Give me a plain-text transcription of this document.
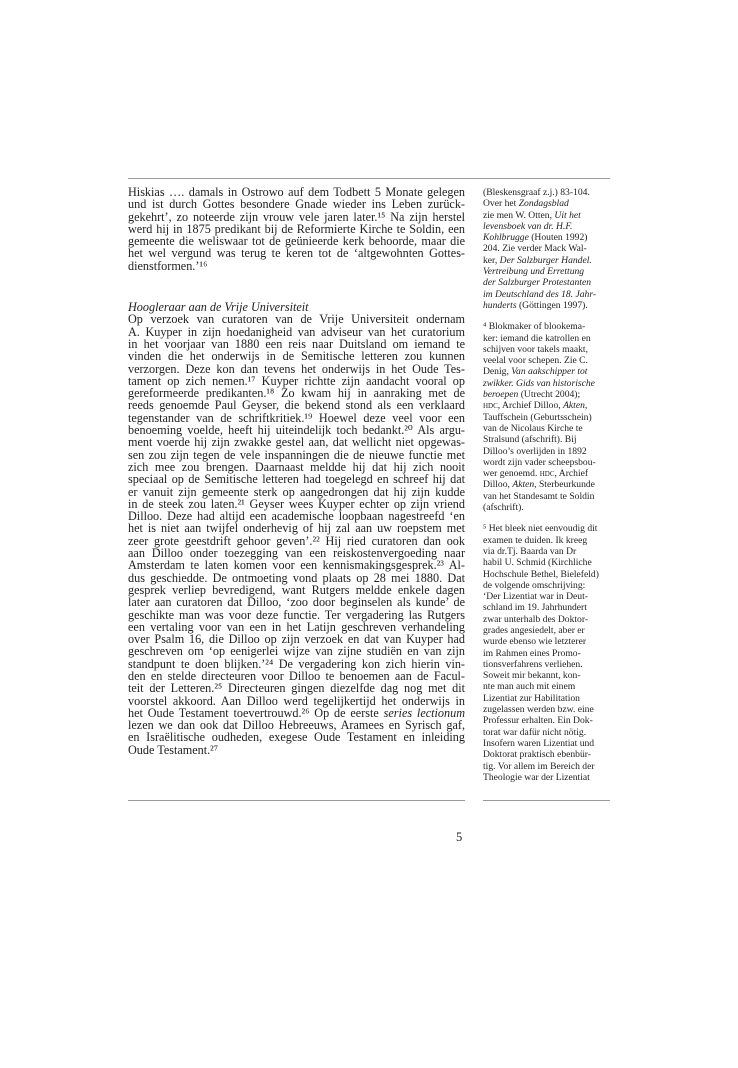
Hiskias …. damals in Ostrowo auf dem Todbett 5 Monate gelegen
und ist durch Gottes besondere Gnade wieder ins Leben zurück-
gekehrt’, zo noteerde zijn vrouw vele jaren later.¹⁵ Na zijn herstel
werd hij in 1875 predikant bij de Reformierte Kirche te Soldin, een
gemeente die weliswaar tot de geünieerde kerk behoorde, maar die
het wel vergund was terug te keren tot de ‘altgewohnten Gottes-
dienstformen.’¹⁶
Hoogleraar aan de Vrije Universiteit
Op verzoek van curatoren van de Vrije Universiteit ondernam
A. Kuyper in zijn hoedanigheid van adviseur van het curatorium
in het voorjaar van 1880 een reis naar Duitsland om iemand te
vinden die het onderwijs in de Semitische letteren zou kunnen
verzorgen. Deze kon dan tevens het onderwijs in het Oude Tes-
tament op zich nemen.¹⁷ Kuyper richtte zijn aandacht vooral op
gereformeerde predikanten.¹⁸ Zo kwam hij in aanraking met de
reeds genoemde Paul Geyser, die bekend stond als een verklaard
tegenstander van de schriftkritiek.¹⁹ Hoewel deze veel voor een
benoeming voelde, heeft hij uiteindelijk toch bedankt.²⁰ Als argu-
ment voerde hij zijn zwakke gestel aan, dat wellicht niet opgewas-
sen zou zijn tegen de vele inspanningen die de nieuwe functie met
zich mee zou brengen. Daarnaast meldde hij dat hij zich nooit
speciaal op de Semitische letteren had toegelegd en schreef hij dat
er vanuit zijn gemeente sterk op aangedrongen dat hij zijn kudde
in de steek zou laten.²¹ Geyser wees Kuyper echter op zijn vriend
Dilloo. Deze had altijd een academische loopbaan nagestreefd ‘en
het is niet aan twijfel onderhevig of hij zal aan uw roepstem met
zeer grote geestdrift gehoor geven’.²² Hij ried curatoren dan ook
aan Dilloo onder toezegging van een reiskostenvergoeding naar
Amsterdam te laten komen voor een kennismakingsgesprek.²³ Al-
dus geschiedde. De ontmoeting vond plaats op 28 mei 1880. Dat
gesprek verliep bevredigend, want Rutgers meldde enkele dagen
later aan curatoren dat Dilloo, ‘zoo door beginselen als kunde’ de
geschikte man was voor deze functie. Ter vergadering las Rutgers
een vertaling voor van een in het Latijn geschreven verhandeling
over Psalm 16, die Dilloo op zijn verzoek en dat van Kuyper had
geschreven om ‘op eenigerlei wijze van zijne studiën en van zijn
standpunt te doen blijken.’²⁴ De vergadering kon zich hierin vin-
den en stelde directeuren voor Dilloo te benoemen aan de Facul-
teit der Letteren.²⁵ Directeuren gingen diezelfde dag nog met dit
voorstel akkoord. Aan Dilloo werd tegelijkertijd het onderwijs in
het Oude Testament toevertrouwd.²⁶ Op de eerste series lectionum
lezen we dan ook dat Dilloo Hebreeuws, Aramees en Syrisch gaf,
en Israëlitische oudheden, exegese Oude Testament en inleiding
Oude Testament.²⁷
(Bleskensgraaf z.j.) 83-104.
Over het Zondagsblad
zie men W. Otten, Uit het
levensboek van dr. H.F.
Kohlbrugge (Houten 1992)
204. Zie verder Mack Wal-
ker, Der Salzburger Handel.
Vertreibung und Errettung
der Salzburger Protestanten
im Deutschland des 18. Jahr-
hunderts (Göttingen 1997).
⁴ Blokmaker of blookema-
ker: iemand die katrollen en
schijven voor takels maakt,
veelal voor schepen. Zie C.
Denig, Van aakschipper tot
zwikker. Gids van historische
beroepen (Utrecht 2004);
hdc, Archief Dilloo, Akten,
Tauffschein (Geburtsschein)
van de Nicolaus Kirche te
Stralsund (afschrift). Bij
Dilloo’s overlijden in 1892
wordt zijn vader scheepsbou-
wer genoemd. hdc, Archief
Dilloo, Akten, Sterbeurkunde
van het Standesamt te Soldin
(afschrift).
⁵ Het bleek niet eenvoudig dit
examen te duiden. Ik kreeg
via dr.Tj. Baarda van Dr
habil U. Schmid (Kirchliche
Hochschule Bethel, Bielefeld)
de volgende omschrijving:
‘Der Lizentiat war in Deut-
schland im 19. Jahrhundert
zwar unterhalb des Doktor-
grades angesiedelt, aber er
wurde ebenso wie letzterer
im Rahmen eines Promo-
tionsverfahrens verliehen.
Soweit mir bekannt, kon-
nte man auch mit einem
Lizentiat zur Habilitation
zugelassen werden bzw. eine
Professur erhalten. Ein Dok-
torat war dafür nicht nötig.
Insofern waren Lizentiat und
Doktorat praktisch ebenbür-
tig. Vor allem im Bereich der
Theologie war der Lizentiat
5
